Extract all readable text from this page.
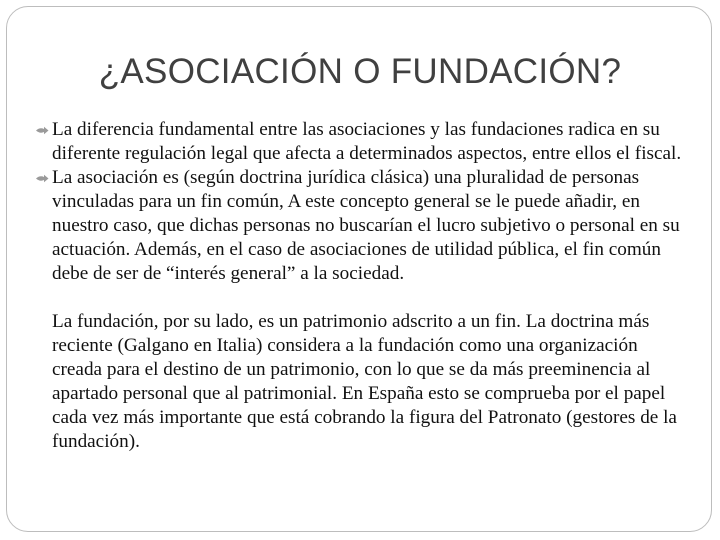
¿ASOCIACIÓN O FUNDACIÓN?

La diferencia fundamental entre las asociaciones y las fundaciones radica en su diferente regulación legal que afecta a determinados aspectos, entre ellos el fiscal.

La asociación es (según doctrina jurídica clásica) una pluralidad de personas vinculadas para un fin común, A este concepto general se le puede añadir, en nuestro caso, que dichas personas no buscarían el lucro subjetivo o personal en su actuación. Además, en el caso de asociaciones de utilidad pública, el fin común debe de ser de “interés general” a la sociedad.

La fundación, por su lado, es un patrimonio adscrito a un fin. La doctrina más reciente (Galgano en Italia) considera a la fundación como una organización creada para el destino de un patrimonio, con lo que se da más preeminencia al apartado personal que al patrimonial. En España esto se comprueba por el papel cada vez más importante que está cobrando la figura del Patronato (gestores de la fundación).
